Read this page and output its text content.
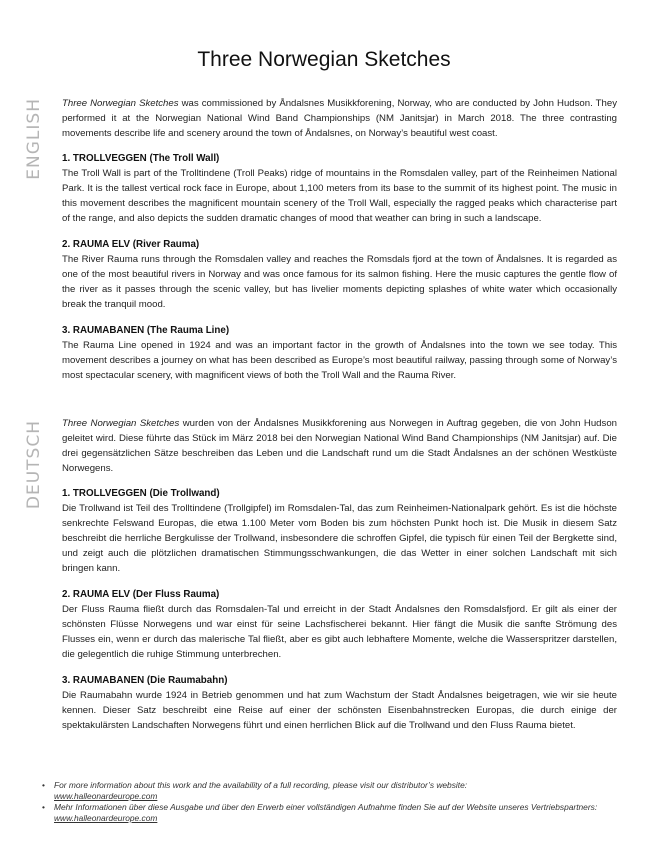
Three Norwegian Sketches
ENGLISH Three Norwegian Sketches was commissioned by Åndalsnes Musikkforening, Norway, who are conducted by John Hudson. They performed it at the Norwegian National Wind Band Championships (NM Janitsjar) in March 2018. The three contrasting movements describe life and scenery around the town of Åndalsnes, on Norway’s beautiful west coast.

1. TROLLVEGGEN (The Troll Wall)

The Troll Wall is part of the Trolltindene (Troll Peaks) ridge of mountains in the Romsdalen valley, part of the Reinheimen National Park. It is the tallest vertical rock face in Europe, about 1,100 meters from its base to the summit of its highest point. The music in this movement describes the magnificent mountain scenery of the Troll Wall, especially the ragged peaks which characterise part of the range, and also depicts the sudden dramatic changes of mood that weather can bring in such a landscape.

2. RAUMA ELV (River Rauma)

The River Rauma runs through the Romsdalen valley and reaches the Romsdals fjord at the town of Åndalsnes. It is regarded as one of the most beautiful rivers in Norway and was once famous for its salmon fishing. Here the music captures the gentle flow of the river as it passes through the scenic valley, but has livelier moments depicting splashes of white water which occasionally break the tranquil mood.

3. RAUMABANEN (The Rauma Line)

The Rauma Line opened in 1924 and was an important factor in the growth of Åndalsnes into the town we see today. This movement describes a journey on what has been described as Europe’s most beautiful railway, passing through some of Norway’s most spectacular scenery, with magnificent views of both the Troll Wall and the Rauma River.

DEUTSCH Three Norwegian Sketches wurden von der Åndalsnes Musikkforening aus Norwegen in Auftrag gegeben, die von John Hudson geleitet wird. Diese führte das Stück im März 2018 bei den Norwegian National Wind Band Championships (NM Janitsjar) auf. Die drei gegensätzlichen Sätze beschreiben das Leben und die Landschaft rund um die Stadt Åndalsnes an der schönen Westküste Norwegens.

1. TROLLVEGGEN (Die Trollwand)

Die Trollwand ist Teil des Trolltindene (Trollgipfel) im Romsdalen-Tal, das zum Reinheimen-Nationalpark gehört. Es ist die höchste senkrechte Felswand Europas, die etwa 1.100 Meter vom Boden bis zum höchsten Punkt hoch ist. Die Musik in diesem Satz beschreibt die herrliche Bergkulisse der Trollwand, insbesondere die schroffen Gipfel, die typisch für einen Teil der Bergkette sind, und zeigt auch die plötzlichen dramatischen Stimmungsschwankungen, die das Wetter in einer solchen Landschaft mit sich bringen kann.

2. RAUMA ELV (Der Fluss Rauma)

Der Fluss Rauma fließt durch das Romsdalen-Tal und erreicht in der Stadt Åndalsnes den Romsdalsfjord. Er gilt als einer der schönsten Flüsse Norwegens und war einst für seine Lachsfischerei bekannt. Hier fängt die Musik die sanfte Strömung des Flusses ein, wenn er durch das malerische Tal fließt, aber es gibt auch lebhaftere Momente, welche die Wasserspritzer darstellen, die gelegentlich die ruhige Stimmung unterbrechen.

3. RAUMABANEN (Die Raumabahn)

Die Raumabahn wurde 1924 in Betrieb genommen und hat zum Wachstum der Stadt Åndalsnes beigetragen, wie wir sie heute kennen. Dieser Satz beschreibt eine Reise auf einer der schönsten Eisenbahnstrecken Europas, die durch einige der spektakulärsten Landschaften Norwegens führt und einen herrlichen Blick auf die Trollwand und den Fluss Rauma bietet.

• For more information about this work and the availability of a full recording, please visit our distributor’s website:
www.halleonardeurope.com
• Mehr Informationen über diese Ausgabe und über den Erwerb einer vollständigen Aufnahme finden Sie auf der Website unseres Vertriebspartners: www.halleonardeurope.com
